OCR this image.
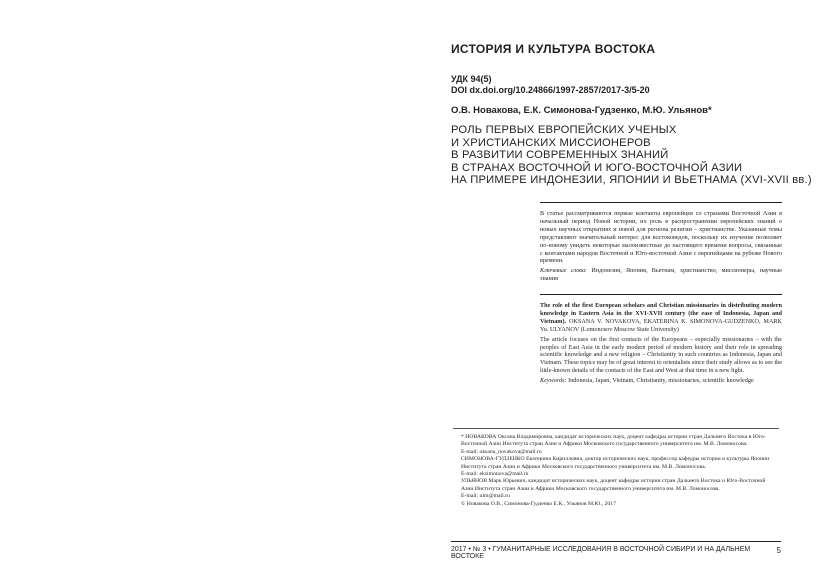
ИСТОРИЯ И КУЛЬТУРА ВОСТОКА
УДК 94(5)
DOI dx.doi.org/10.24866/1997-2857/2017-3/5-20
О.В. Новакова, Е.К. Симонова-Гудзенко, М.Ю. Ульянов*
РОЛЬ ПЕРВЫХ ЕВРОПЕЙСКИХ УЧЕНЫХ
И ХРИСТИАНСКИХ МИССИОНЕРОВ
В РАЗВИТИИ СОВРЕМЕННЫХ ЗНАНИЙ
В СТРАНАХ ВОСТОЧНОЙ И ЮГО-ВОСТОЧНОЙ АЗИИ
НА ПРИМЕРЕ ИНДОНЕЗИИ, ЯПОНИИ И ВЬЕТНАМА (XVI-XVII вв.)

В статье рассматриваются первые контакты европейцев со странами Восточной Азии в начальный период Новой истории, их роль в распространении европейских знаний о новых научных открытиях и новой для региона религии – христианстве. Указанные темы представляют значительный интерес для востоковедов, поскольку их изучение позволяет по-новому увидеть некоторые малоизвестные до настоящего времени вопросы, связанные с контактами народов Восточной и Юго-восточной Азии с европейцами на рубеже Нового времени.

Ключевые слова: Индонезия, Япония, Вьетнам, христианство, миссионеры, научные знания

The role of the first European scholars and Christian missionaries in distributing modern knowledge in Eastern Asia in the XVI-XVII century (the ease of Indonesia, Japan and Vietnam). OKSANA V. NOVAKOVA, EKATERINA K. SIMONOVA-GUDZENKO, MARK Yu. ULYANOV (Lomonosov Moscow State University)

The article focuses on the first contacts of the Europeans – especially missionaries – with the peoples of East Asia in the early modern period of modern history and their role in spreading scientific knowledge and a new religion – Christianity in such countries as Indonesia, Japan and Vietnam. These topics may be of great interest to orientalists since their study allows as to see the little-known details of the contacts of the East and West at that time in a new light.

Keywords: Indonesia, Japan, Vietnam, Christianity, missionaries, scientific knowledge

* НОВАКОВА Оксана Владимировна, кандидат исторических наук, доцент кафедры истории стран Дальнего Востока в Юго-Восточной Азии Института стран Азии и Африки Московского государственного университета им. М.В. Ломоносова.

E-mail: oksana_novakova@mail.ru

СИМОНОВА-ГУДЗЕНКО Екатерина Кирилловна, доктор исторических наук, профессор кафедры истории и культуры Японии Института стран Азии и Африки Московского государственного университета им. М.В. Ломоносова.

E-mail: eksimonova@mail.ru

УЛЬЯНОВ Марк Юрьевич, кандидат исторических наук, доцент кафедры истории стран Дальнего Востока и Юго-Восточной Азии Института стран Азии и Африки Московского государственного университета им. М.В. Ломоносова.

E-mail: ulm@mail.ru

© Новакова О.В., Симонова-Гудзенко Е.К., Ульянов М.Ю., 2017

2017 • № 3 • ГУМАНИТАРНЫЕ ИССЛЕДОВАНИЯ В ВОСТОЧНОЙ СИБИРИ И НА ДАЛЬНЕМ ВОСТОКЕ
5
